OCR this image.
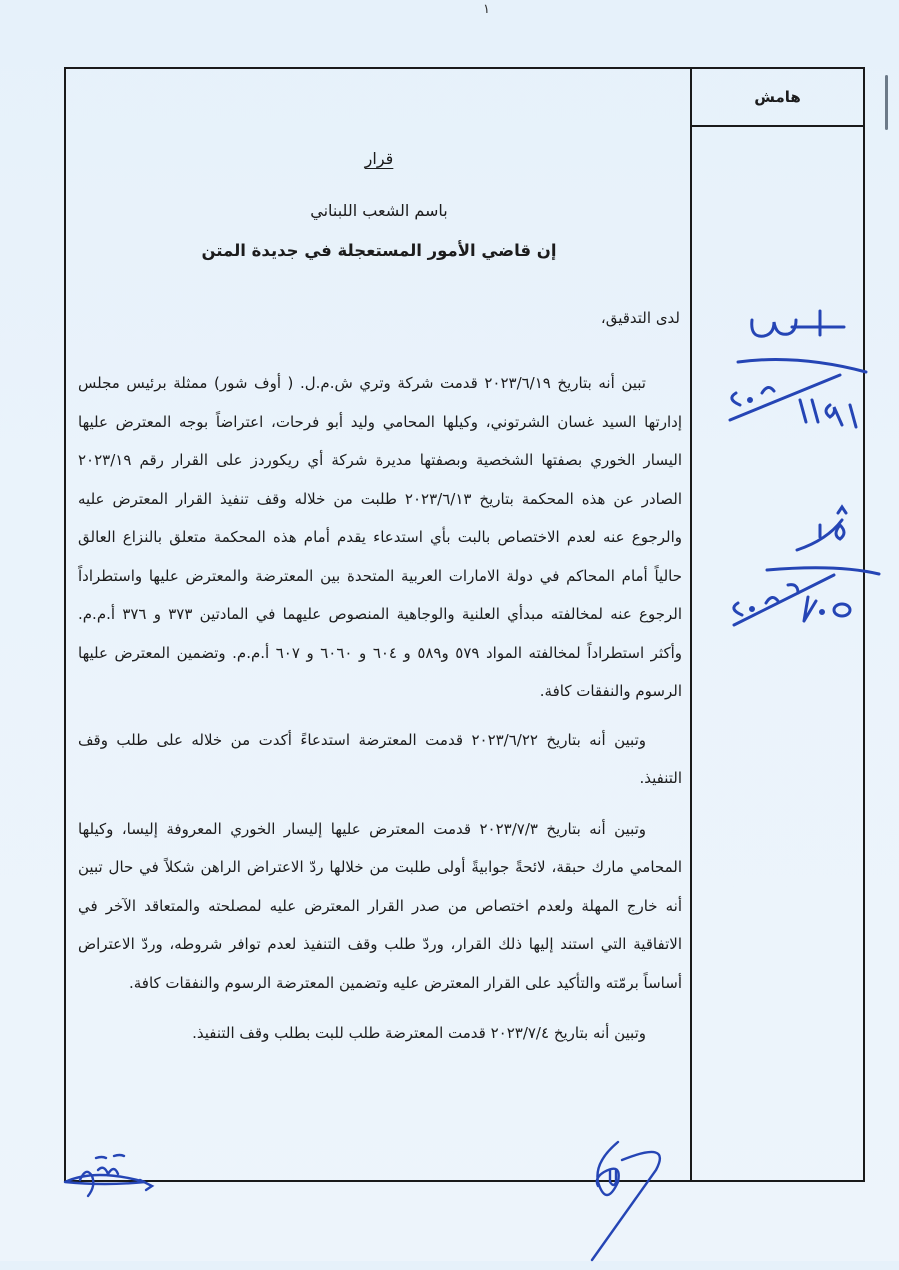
١
هامش
قرار
باسم الشعب اللبناني
إن قاضي الأمور المستعجلة في جديدة المتن
لدى التدقيق،

تبين أنه بتاريخ ٢٠٢٣/٦/١٩ قدمت شركة وتري ش.م.ل. ( أوف شور) ممثلة برئيس مجلس إدارتها السيد غسان الشرتوني، وكيلها المحامي وليد أبو فرحات، اعتراضاً بوجه المعترض عليها اليسار الخوري بصفتها الشخصية وبصفتها مديرة شركة أي ريكوردز على القرار رقم ٢٠٢٣/١٩ الصادر عن هذه المحكمة بتاريخ ٢٠٢٣/٦/١٣ طلبت من خلاله وقف تنفيذ القرار المعترض عليه والرجوع عنه لعدم الاختصاص بالبت بأي استدعاء يقدم أمام هذه المحكمة متعلق بالنزاع العالق حالياً أمام المحاكم في دولة الامارات العربية المتحدة بين المعترضة والمعترض عليها واستطراداً الرجوع عنه لمخالفته مبدأي العلنية والوجاهية المنصوص عليهما في المادتين ٣٧٣ و ٣٧٦ أ.م.م. وأكثر استطراداً لمخالفته المواد ٥٧٩ و٥٨٩ و ٦٠٤ و ٦٠٦٠ و ٦٠٧ أ.م.م. وتضمين المعترض عليها الرسوم والنفقات كافة.

وتبين أنه بتاريخ ٢٠٢٣/٦/٢٢ قدمت المعترضة استدعاءً أكدت من خلاله على طلب وقف التنفيذ.

وتبين أنه بتاريخ ٢٠٢٣/٧/٣ قدمت المعترض عليها إليسار الخوري المعروفة إليسا، وكيلها المحامي مارك حبقة، لائحةً جوابيةً أولى طلبت من خلالها ردّ الاعتراض الراهن شكلاً في حال تبين أنه خارج المهلة ولعدم اختصاص من صدر القرار المعترض عليه لمصلحته والمتعاقد الآخر في الاتفاقية التي استند إليها ذلك القرار، وردّ طلب وقف التنفيذ لعدم توافر شروطه، وردّ الاعتراض أساساً برمّته والتأكيد على القرار المعترض عليه وتضمين المعترضة الرسوم والنفقات كافة.

وتبين أنه بتاريخ ٢٠٢٣/٧/٤ قدمت المعترضة طلب للبت بطلب وقف التنفيذ.
